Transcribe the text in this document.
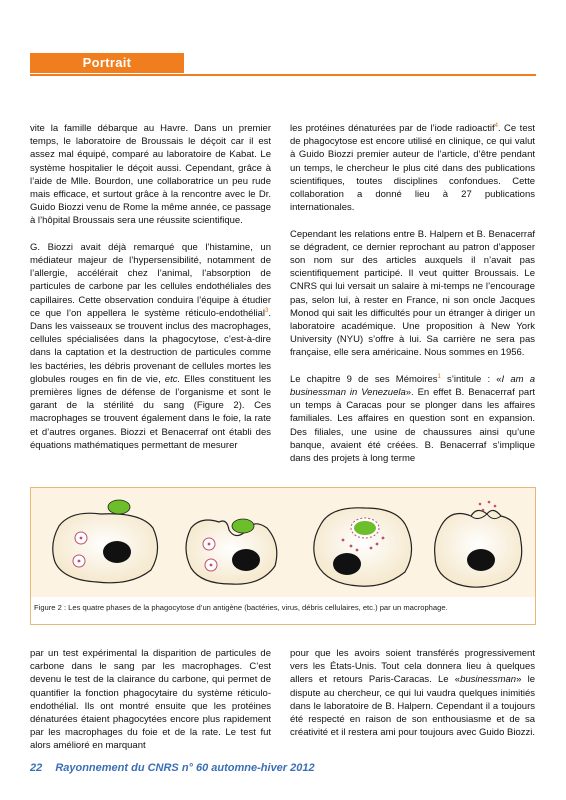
Portrait

vite la famille débarque au Havre. Dans un premier temps, le laboratoire de Broussais le déçoit car il est assez mal équipé, comparé au laboratoire de Kabat. Le système hospitalier le déçoit aussi. Cependant, grâce à l’aide de Mlle. Bourdon, une collaboratrice un peu rude mais efficace, et surtout grâce à la rencontre avec le Dr. Guido Biozzi venu de Rome la même année, ce passage à l’hôpital Broussais sera une réussite scientifique.

G. Biozzi avait déjà remarqué que l’histamine, un médiateur majeur de l’hypersensibilité, notamment de l’allergie, accélérait chez l’animal, l’absorption de particules de carbone par les cellules endothéliales des capillaires. Cette observation conduira l’équipe à étudier ce que l’on appellera le système réticulo-endothélial$^3$. Dans les vaisseaux se trouvent inclus des macrophages, cellules spécialisées dans la phagocytose, c’est-à-dire dans la captation et la destruction de particules comme les bactéries, les débris provenant de cellules mortes les globules rouges en fin de vie, etc. Elles constituent les premières lignes de défense de l’organisme et sont le garant de la stérilité du sang (Figure 2). Ces macrophages se trouvent également dans le foie, la rate et d’autres organes. Biozzi et Benacerraf ont établi des équations mathématiques permettant de mesurer

les protéines dénaturées par de l’iode radioactif$^4$. Ce test de phagocytose est encore utilisé en clinique, ce qui valut à Guido Biozzi premier auteur de l’article, d’être pendant un temps, le chercheur le plus cité dans des publications scientifiques, toutes disciplines confondues. Cette collaboration a donné lieu à 27 publications internationales.

Cependant les relations entre B. Halpern et B. Benacerraf se dégradent, ce dernier reprochant au patron d’apposer son nom sur des articles auxquels il n’avait pas scientifiquement participé. Il veut quitter Broussais. Le CNRS qui lui versait un salaire à mi-temps ne l’encourage pas, selon lui, à rester en France, ni son oncle Jacques Monod qui sait les difficultés pour un étranger à diriger un laboratoire académique. Une proposition à New York University (NYU) s’offre à lui. Sa carrière ne sera pas française, elle sera américaine. Nous sommes en 1956.

Le chapitre 9 de ses Mémoires$^1$ s’intitule : «I am a businessman in Venezuela». En effet B. Benacerraf part un temps à Caracas pour se plonger dans les affaires familiales. Les affaires en question sont en expansion. Des filiales, une usine de chaussures ainsi qu’une banque, avaient été créées. B. Benacerraf s’implique dans des projets à long terme

Figure 2 : Les quatre phases de la phagocytose d’un antigène (bactéries, virus, débris cellulaires, etc.) par un macrophage.

par un test expérimental la disparition de particules de carbone dans le sang par les macrophages. C’est devenu le test de la clairance du carbone, qui permet de quantifier la fonction phagocytaire du système réticulo-endothélial. Ils ont montré ensuite que les protéines dénaturées étaient phagocytées encore plus rapidement par les macrophages du foie et de la rate. Le test fut alors amélioré en marquant

pour que les avoirs soient transférés progressivement vers les États-Unis. Tout cela donnera lieu à quelques allers et retours Paris-Caracas. Le «businessman» le dispute au chercheur, ce qui lui vaudra quelques inimitiés dans le laboratoire de B. Halpern. Cependant il a toujours été respecté en raison de son enthousiasme et de sa créativité et il restera ami pour toujours avec Guido Biozzi.

22 Rayonnement du CNRS n° 60 automne-hiver 2012
